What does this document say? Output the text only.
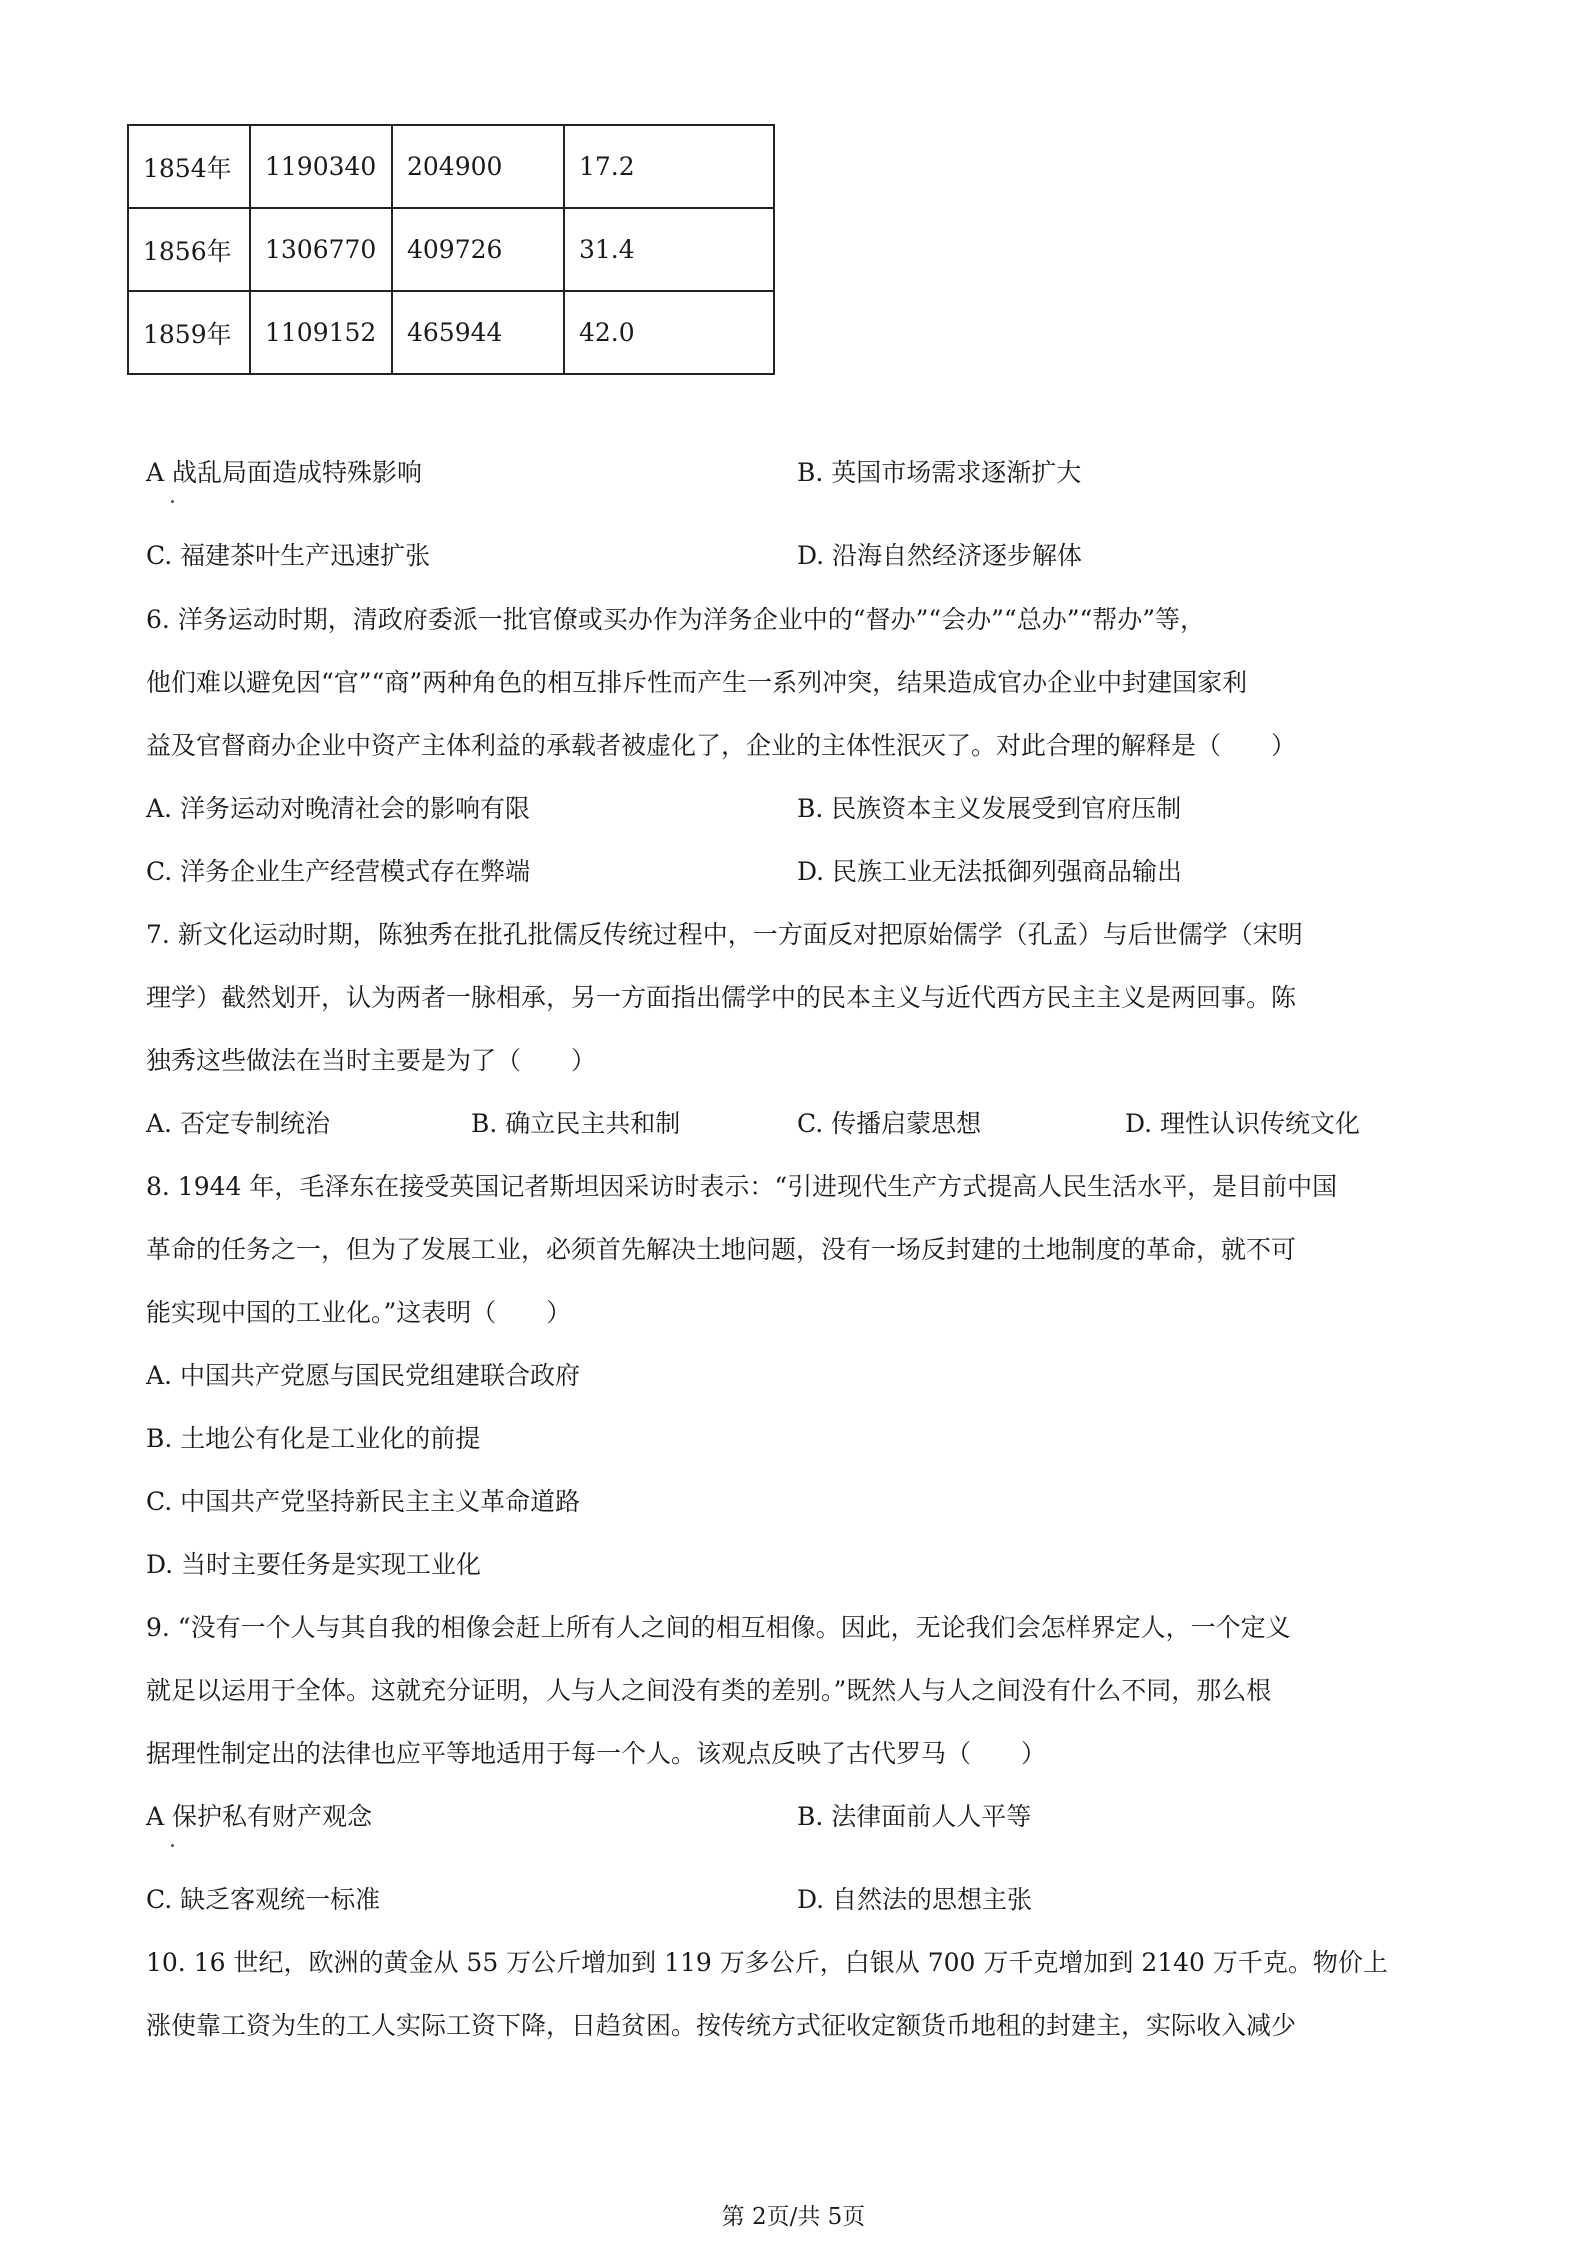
1854年	1190340	204900	17.2
1856年	1306770	409726	31.4
1859年	1109152	465944	42.0
A 战乱局面造成特殊影响	B. 英国市场需求逐渐扩大
C. 福建茶叶生产迅速扩张	D. 沿海自然经济逐步解体
6. 洋务运动时期，清政府委派一批官僚或买办作为洋务企业中的“督办”“会办”“总办”“帮办”等，
他们难以避免因“官”“商”两种角色的相互排斥性而产生一系列冲突，结果造成官办企业中封建国家利
益及官督商办企业中资产主体利益的承载者被虚化了，企业的主体性泯灭了。对此合理的解释是（　　）
A. 洋务运动对晚清社会的影响有限	B. 民族资本主义发展受到官府压制
C. 洋务企业生产经营模式存在弊端	D. 民族工业无法抵御列强商品输出
7. 新文化运动时期，陈独秀在批孔批儒反传统过程中，一方面反对把原始儒学（孔孟）与后世儒学（宋明
理学）截然划开，认为两者一脉相承，另一方面指出儒学中的民本主义与近代西方民主主义是两回事。陈
独秀这些做法在当时主要是为了（　　）
A. 否定专制统治	B. 确立民主共和制	C. 传播启蒙思想	D. 理性认识传统文化
8. 1944 年，毛泽东在接受英国记者斯坦因采访时表示：“引进现代生产方式提高人民生活水平，是目前中国
革命的任务之一，但为了发展工业，必须首先解决土地问题，没有一场反封建的土地制度的革命，就不可
能实现中国的工业化。”这表明（　　）
A. 中国共产党愿与国民党组建联合政府
B. 土地公有化是工业化的前提
C. 中国共产党坚持新民主主义革命道路
D. 当时主要任务是实现工业化
9. “没有一个人与其自我的相像会赶上所有人之间的相互相像。因此，无论我们会怎样界定人，一个定义
就足以运用于全体。这就充分证明，人与人之间没有类的差别。”既然人与人之间没有什么不同，那么根
据理性制定出的法律也应平等地适用于每一个人。该观点反映了古代罗马（　　）
A 保护私有财产观念	B. 法律面前人人平等
C. 缺乏客观统一标准	D. 自然法的思想主张
10. 16 世纪，欧洲的黄金从 55 万公斤增加到 119 万多公斤，白银从 700 万千克增加到 2140 万千克。物价上
涨使靠工资为生的工人实际工资下降，日趋贫困。按传统方式征收定额货币地租的封建主，实际收入减少
第 2页/共 5页
